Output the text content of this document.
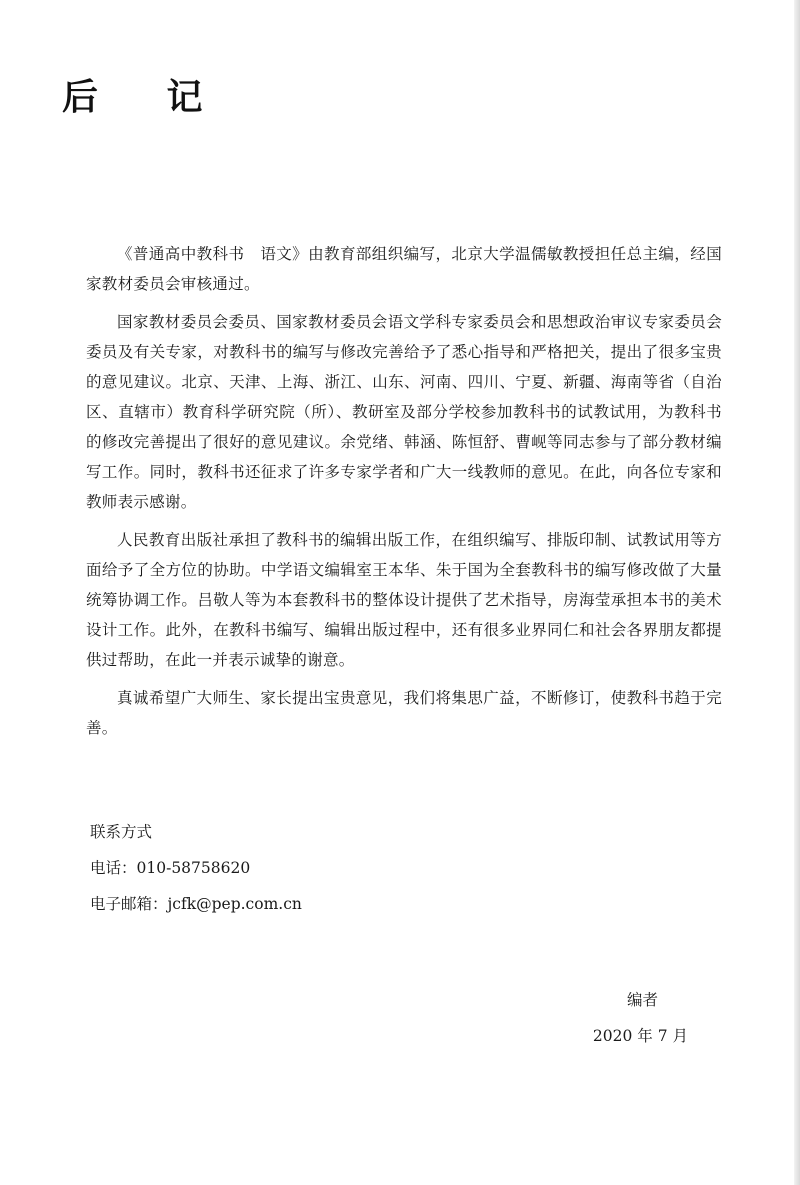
后 记

《普通高中教科书　语文》由教育部组织编写，北京大学温儒敏教授担任总主编，经国家教材委员会审核通过。

国家教材委员会委员、国家教材委员会语文学科专家委员会和思想政治审议专家委员会委员及有关专家，对教科书的编写与修改完善给予了悉心指导和严格把关，提出了很多宝贵的意见建议。北京、天津、上海、浙江、山东、河南、四川、宁夏、新疆、海南等省（自治区、直辖市）教育科学研究院（所）、教研室及部分学校参加教科书的试教试用，为教科书的修改完善提出了很好的意见建议。余党绪、韩涵、陈恒舒、曹岘等同志参与了部分教材编写工作。同时，教科书还征求了许多专家学者和广大一线教师的意见。在此，向各位专家和教师表示感谢。

人民教育出版社承担了教科书的编辑出版工作，在组织编写、排版印制、试教试用等方面给予了全方位的协助。中学语文编辑室王本华、朱于国为全套教科书的编写修改做了大量统筹协调工作。吕敬人等为本套教科书的整体设计提供了艺术指导，房海莹承担本书的美术设计工作。此外，在教科书编写、编辑出版过程中，还有很多业界同仁和社会各界朋友都提供过帮助，在此一并表示诚挚的谢意。

真诚希望广大师生、家长提出宝贵意见，我们将集思广益，不断修订，使教科书趋于完善。

联系方式

电话：010-58758620

电子邮箱：jcfk@pep.com.cn

编者

2020 年 7 月
